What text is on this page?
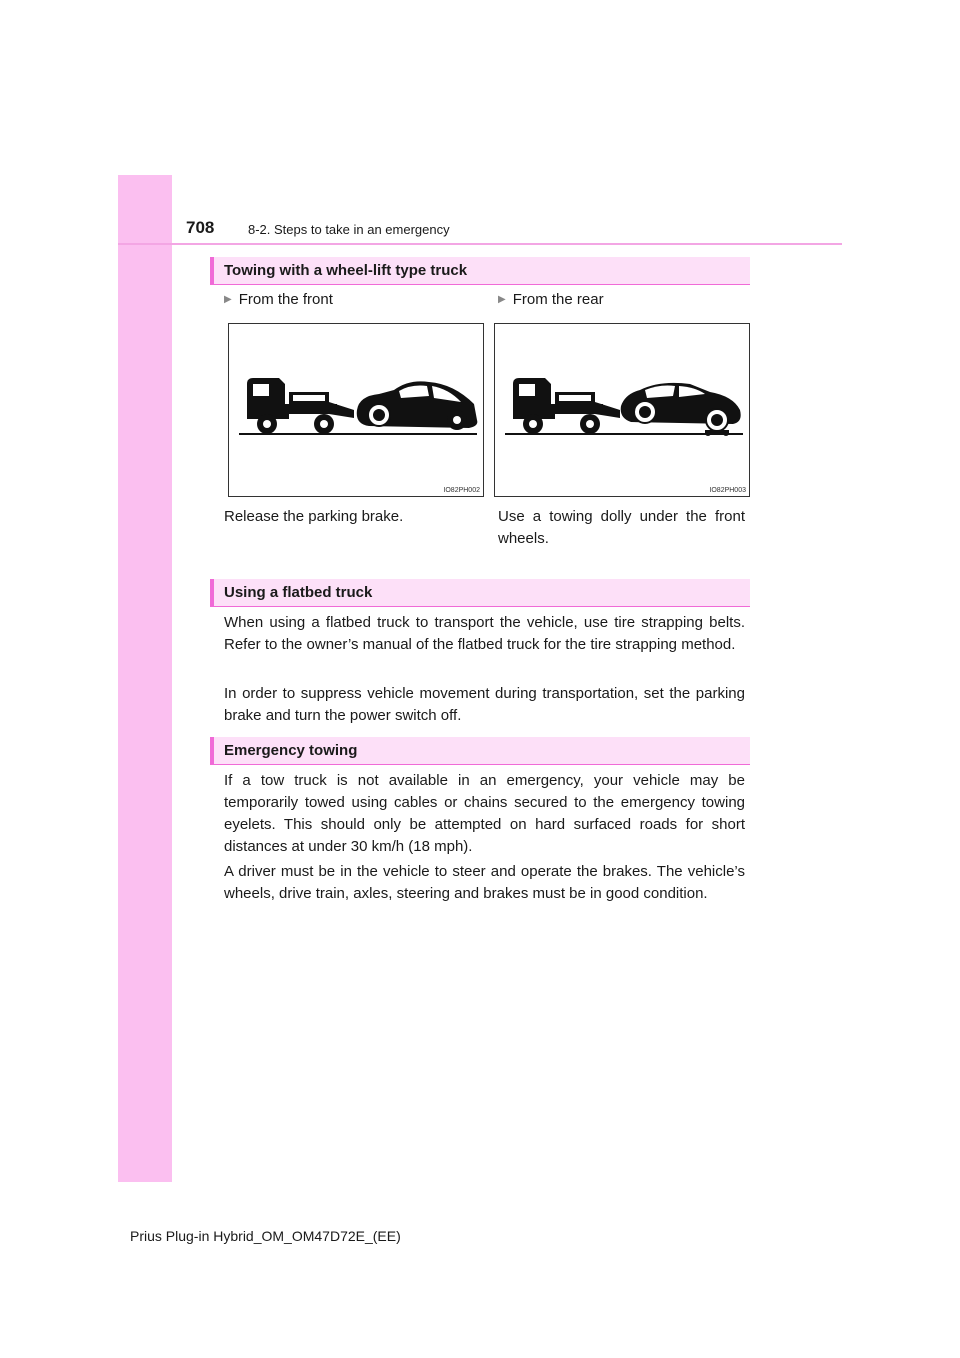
708	8-2. Steps to take in an emergency
Towing with a wheel-lift type truck
▶ From the front	▶ From the rear
IO82PH002	IO82PH003
Release the parking brake.	Use a towing dolly under the front wheels.
Using a flatbed truck
When using a flatbed truck to transport the vehicle, use tire strapping belts. Refer to the owner’s manual of the flatbed truck for the tire strapping method.
In order to suppress vehicle movement during transportation, set the parking brake and turn the power switch off.
Emergency towing
If a tow truck is not available in an emergency, your vehicle may be temporarily towed using cables or chains secured to the emergency towing eyelets. This should only be attempted on hard surfaced roads for short distances at under 30 km/h (18 mph).
A driver must be in the vehicle to steer and operate the brakes. The vehicle’s wheels, drive train, axles, steering and brakes must be in good condition.
Prius Plug-in Hybrid_OM_OM47D72E_(EE)
